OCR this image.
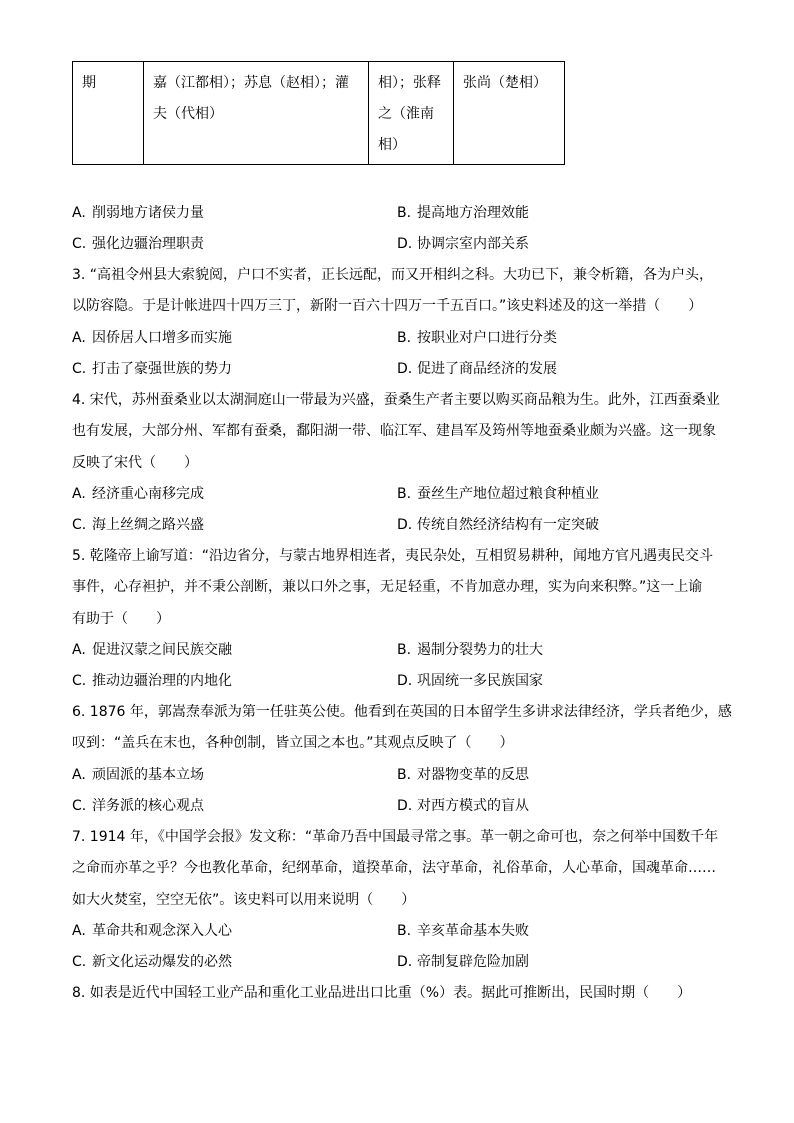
期	嘉（江都相）；苏息（赵相）；灌夫（代相）	相）；张释之（淮南相）	张尚（楚相）
A. 削弱地方诸侯力量	B. 提高地方治理效能
C. 强化边疆治理职责	D. 协调宗室内部关系
3. “高祖令州县大索貌阅，户口不实者，正长远配，而又开相纠之科。大功已下，兼令析籍，各为户头，
以防容隐。于是计帐进四十四万三丁，新附一百六十四万一千五百口。”该史料述及的这一举措（　　）
A. 因侨居人口增多而实施	B. 按职业对户口进行分类
C. 打击了豪强世族的势力	D. 促进了商品经济的发展
4. 宋代，苏州蚕桑业以太湖洞庭山一带最为兴盛，蚕桑生产者主要以购买商品粮为生。此外，江西蚕桑业
也有发展，大部分州、军都有蚕桑，鄱阳湖一带、临江军、建昌军及筠州等地蚕桑业颇为兴盛。这一现象
反映了宋代（　　）
A. 经济重心南移完成	B. 蚕丝生产地位超过粮食种植业
C. 海上丝绸之路兴盛	D. 传统自然经济结构有一定突破
5. 乾隆帝上谕写道：“沿边省分，与蒙古地界相连者，夷民杂处，互相贸易耕种，闻地方官凡遇夷民交斗
事件，心存袒护，并不秉公剖断，兼以口外之事，无足轻重，不肯加意办理，实为向来积弊。”这一上谕
有助于（　　）
A. 促进汉蒙之间民族交融	B. 遏制分裂势力的壮大
C. 推动边疆治理的内地化	D. 巩固统一多民族国家
6. 1876 年，郭嵩焘奉派为第一任驻英公使。他看到在英国的日本留学生多讲求法律经济，学兵者绝少，感
叹到：“盖兵在末也，各种创制，皆立国之本也。”其观点反映了（　　）
A. 顽固派的基本立场	B. 对器物变革的反思
C. 洋务派的核心观点	D. 对西方模式的盲从
7. 1914 年，《中国学会报》发文称：“革命乃吾中国最寻常之事。革一朝之命可也，奈之何举中国数千年
之命而亦革之乎？今也教化革命，纪纲革命，道揆革命，法守革命，礼俗革命，人心革命，国魂革命……
如大火焚室，空空无依”。该史料可以用来说明（　　）
A. 革命共和观念深入人心	B. 辛亥革命基本失败
C. 新文化运动爆发的必然	D. 帝制复辟危险加剧
8. 如表是近代中国轻工业产品和重化工业品进出口比重（%）表。据此可推断出，民国时期（　　）
